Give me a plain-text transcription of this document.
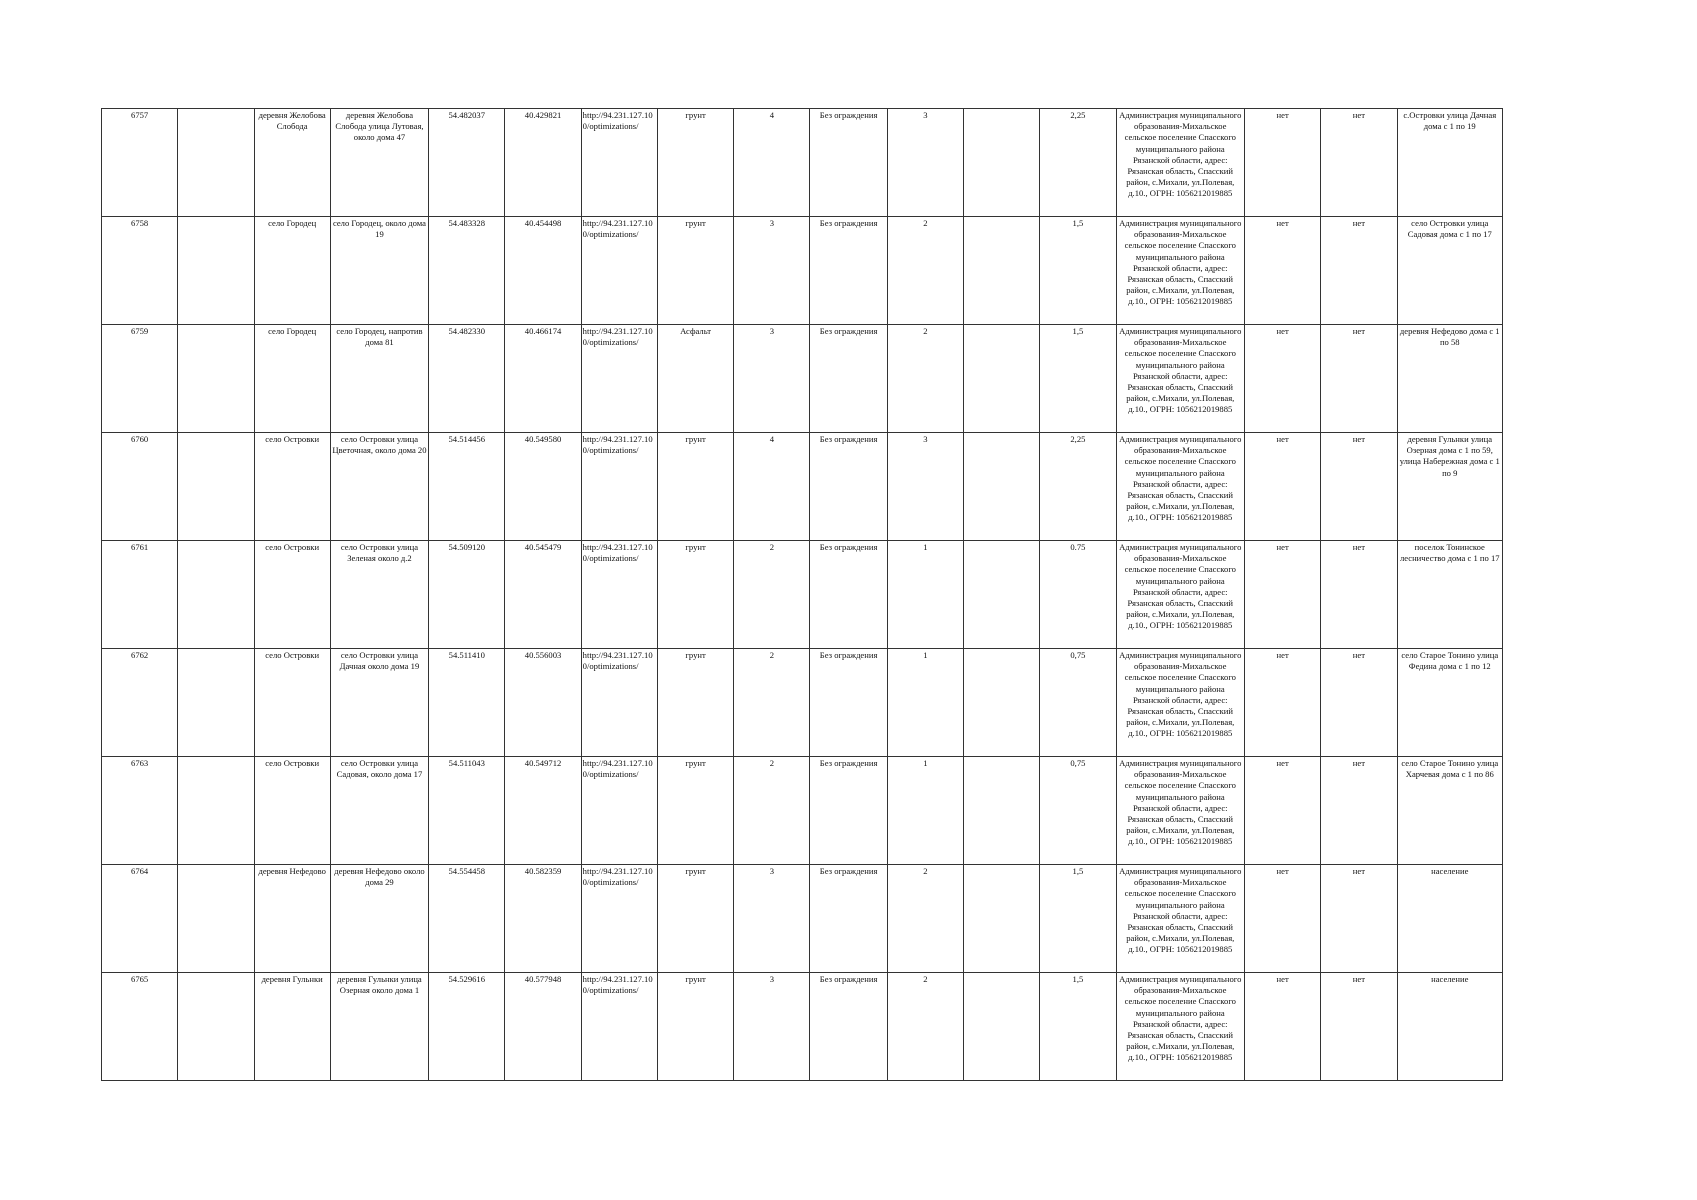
6757		деревня Желобова Слобода	деревня Желобова Слобода улица Лутовая, около дома 47	54.482037	40.429821	http://94.231.127.10 0/optimizations/	грунт	4	Без ограждения	3		2,25	Администрация муниципального образования-Михальское сельское поселение Спасского муниципального района Рязанской области, адрес: Рязанская область, Спасский район, с.Михали, ул.Полевая, д.10., ОГРН: 1056212019885	нет	нет	с.Островки улица Дачная дома с 1 по 19
6758		село Городец	село Городец, около дома 19	54.483328	40.454498	http://94.231.127.10 0/optimizations/	грунт	3	Без ограждения	2		1,5	Администрация муниципального образования-Михальское сельское поселение Спасского муниципального района Рязанской области, адрес: Рязанская область, Спасский район, с.Михали, ул.Полевая, д.10., ОГРН: 1056212019885	нет	нет	село Островки улица Садовая дома с 1 по 17
6759		село Городец	село Городец, напротив дома 81	54.482330	40.466174	http://94.231.127.10 0/optimizations/	Асфальт	3	Без ограждения	2		1,5	Администрация муниципального образования-Михальское сельское поселение Спасского муниципального района Рязанской области, адрес: Рязанская область, Спасский район, с.Михали, ул.Полевая, д.10., ОГРН: 1056212019885	нет	нет	деревня Нефедово дома с 1 по 58
6760		село Островки	село Островки улица Цветочная, около дома 20	54.514456	40.549580	http://94.231.127.10 0/optimizations/	грунт	4	Без ограждения	3		2,25	Администрация муниципального образования-Михальское сельское поселение Спасского муниципального района Рязанской области, адрес: Рязанская область, Спасский район, с.Михали, ул.Полевая, д.10., ОГРН: 1056212019885	нет	нет	деревня Гульнки улица Озерная дома с 1 по 59, улица Набережная дома с 1 по 9
6761		село Островки	село Островки улица Зеленая около д.2	54.509120	40.545479	http://94.231.127.10 0/optimizations/	грунт	2	Без ограждения	1		0.75	Администрация муниципального образования-Михальское сельское поселение Спасского муниципального района Рязанской области, адрес: Рязанская область, Спасский район, с.Михали, ул.Полевая, д.10., ОГРН: 1056212019885	нет	нет	поселок Тонинское лесничество дома с 1 по 17
6762		село Островки	село Островки улица Дачная около дома 19	54.511410	40.556003	http://94.231.127.10 0/optimizations/	грунт	2	Без ограждения	1		0,75	Администрация муниципального образования-Михальское сельское поселение Спасского муниципального района Рязанской области, адрес: Рязанская область, Спасский район, с.Михали, ул.Полевая, д.10., ОГРН: 1056212019885	нет	нет	село Старое Тонино улица Федина дома с 1 по 12
6763		село Островки	село Островки улица Садовая, около дома 17	54.511043	40.549712	http://94.231.127.10 0/optimizations/	грунт	2	Без ограждения	1		0,75	Администрация муниципального образования-Михальское сельское поселение Спасского муниципального района Рязанской области, адрес: Рязанская область, Спасский район, с.Михали, ул.Полевая, д.10., ОГРН: 1056212019885	нет	нет	село Старое Тонино улица Харчевая дома с 1 по 86
6764		деревня Нефедово	деревня Нефедово около дома 29	54.554458	40.582359	http://94.231.127.10 0/optimizations/	грунт	3	Без ограждения	2		1,5	Администрация муниципального образования-Михальское сельское поселение Спасского муниципального района Рязанской области, адрес: Рязанская область, Спасский район, с.Михали, ул.Полевая, д.10., ОГРН: 1056212019885	нет	нет	население
6765		деревня Гульнки	деревня Гульнки улица Озерная около дома 1	54.529616	40.577948	http://94.231.127.10 0/optimizations/	грунт	3	Без ограждения	2		1,5	Администрация муниципального образования-Михальское сельское поселение Спасского муниципального района Рязанской области, адрес: Рязанская область, Спасский район, с.Михали, ул.Полевая, д.10., ОГРН: 1056212019885	нет	нет	население
